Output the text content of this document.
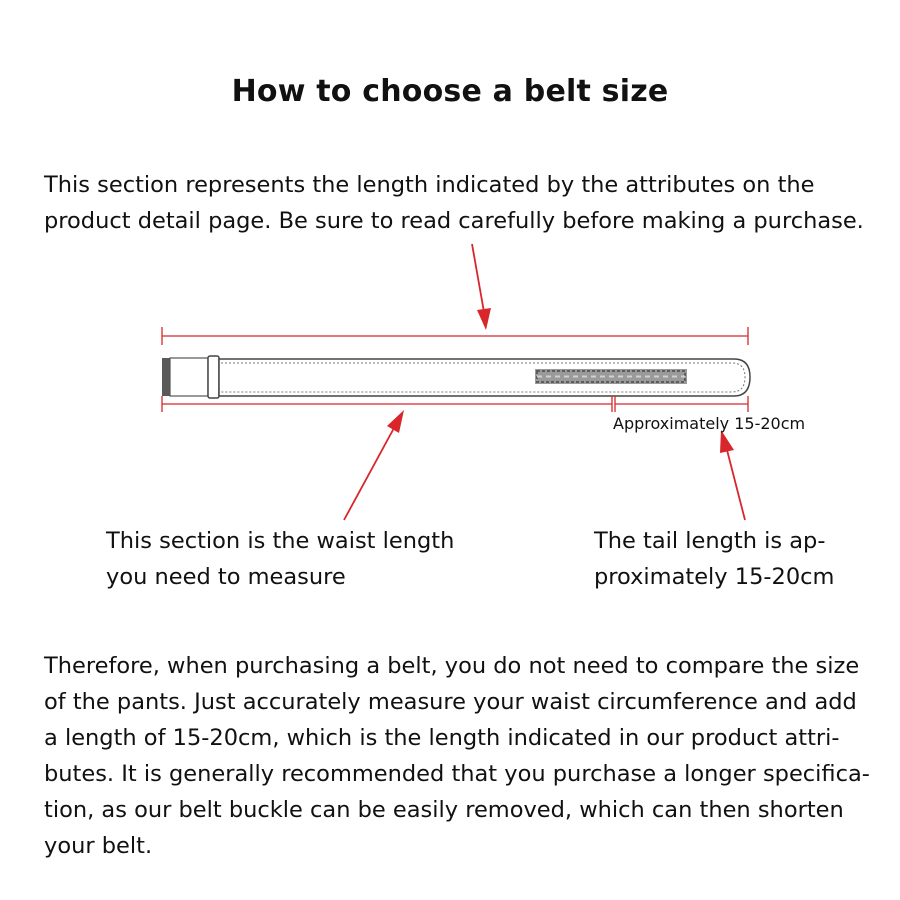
How to choose a belt size

This section represents the length indicated by the attributes on the
product detail page. Be sure to read carefully before making a purchase.

Approximately 15-20cm

This section is the waist length
you need to measure

The tail length is ap-
proximately 15-20cm

Therefore, when purchasing a belt, you do not need to compare the size
of the pants. Just accurately measure your waist circumference and add
a length of 15-20cm, which is the length indicated in our product attri-
butes. It is generally recommended that you purchase a longer specifica-
tion, as our belt buckle can be easily removed, which can then shorten
your belt.
